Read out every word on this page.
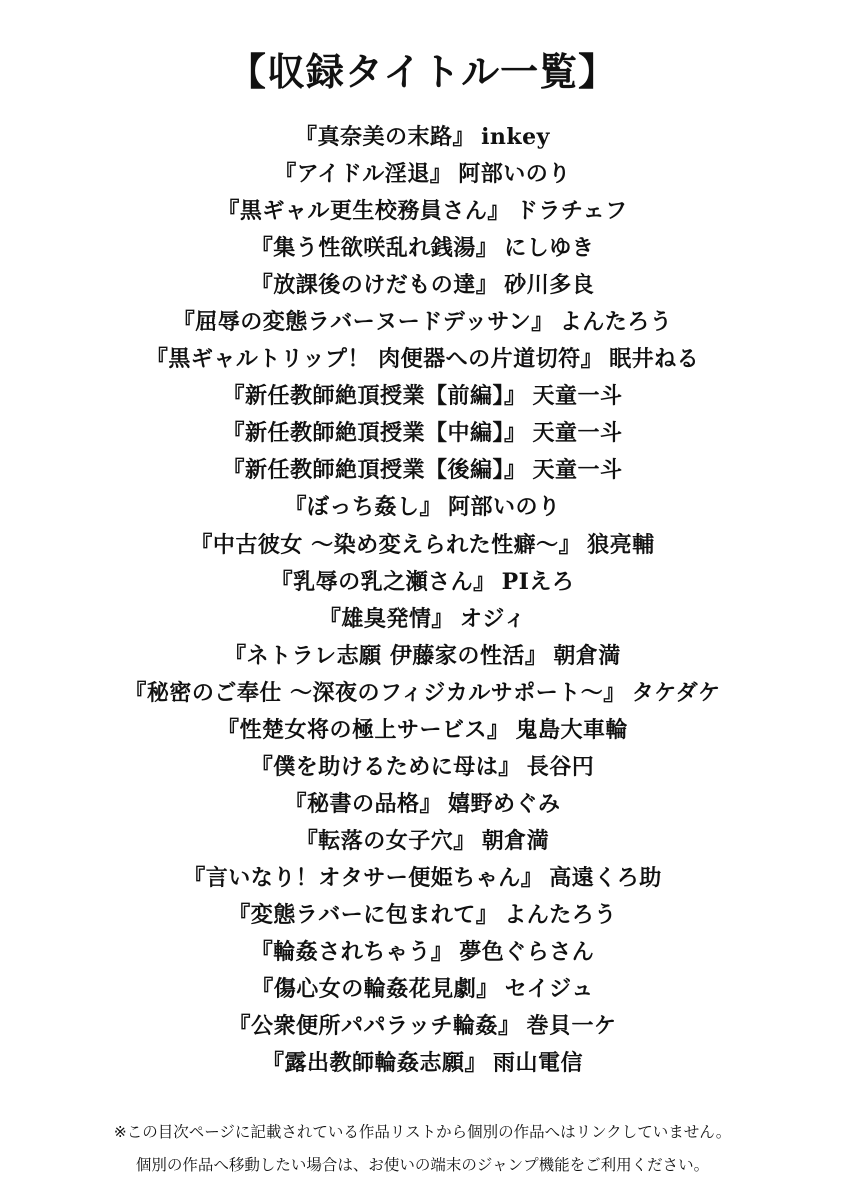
【収録タイトル一覧】
『真奈美の末路』 inkey
『アイドル淫退』 阿部いのり
『黒ギャル更生校務員さん』 ドラチェフ
『集う性欲咲乱れ銭湯』 にしゆき
『放課後のけだもの達』 砂川多良
『屈辱の変態ラバーヌードデッサン』 よんたろう
『黒ギャルトリップ！ 肉便器への片道切符』 眠井ねる
『新任教師絶頂授業【前編】』 天童一斗
『新任教師絶頂授業【中編】』 天童一斗
『新任教師絶頂授業【後編】』 天童一斗
『ぼっち姦し』 阿部いのり
『中古彼女 ～染め変えられた性癖～』 狼亮輔
『乳辱の乳之瀬さん』 PIえろ
『雄臭発情』 オジィ
『ネトラレ志願 伊藤家の性活』 朝倉満
『秘密のご奉仕 ～深夜のフィジカルサポート～』 タケダケ
『性楚女将の極上サービス』 鬼島大車輪
『僕を助けるために母は』 長谷円
『秘書の品格』 嬉野めぐみ
『転落の女子穴』 朝倉満
『言いなり！オタサー便姫ちゃん』 高遠くろ助
『変態ラバーに包まれて』 よんたろう
『輪姦されちゃう』 夢色ぐらさん
『傷心女の輪姦花見劇』 セイジュ
『公衆便所パパラッチ輪姦』 巻貝一ケ
『露出教師輪姦志願』 雨山電信
※この目次ページに記載されている作品リストから個別の作品へはリンクしていません。
個別の作品へ移動したい場合は、お使いの端末のジャンプ機能をご利用ください。
